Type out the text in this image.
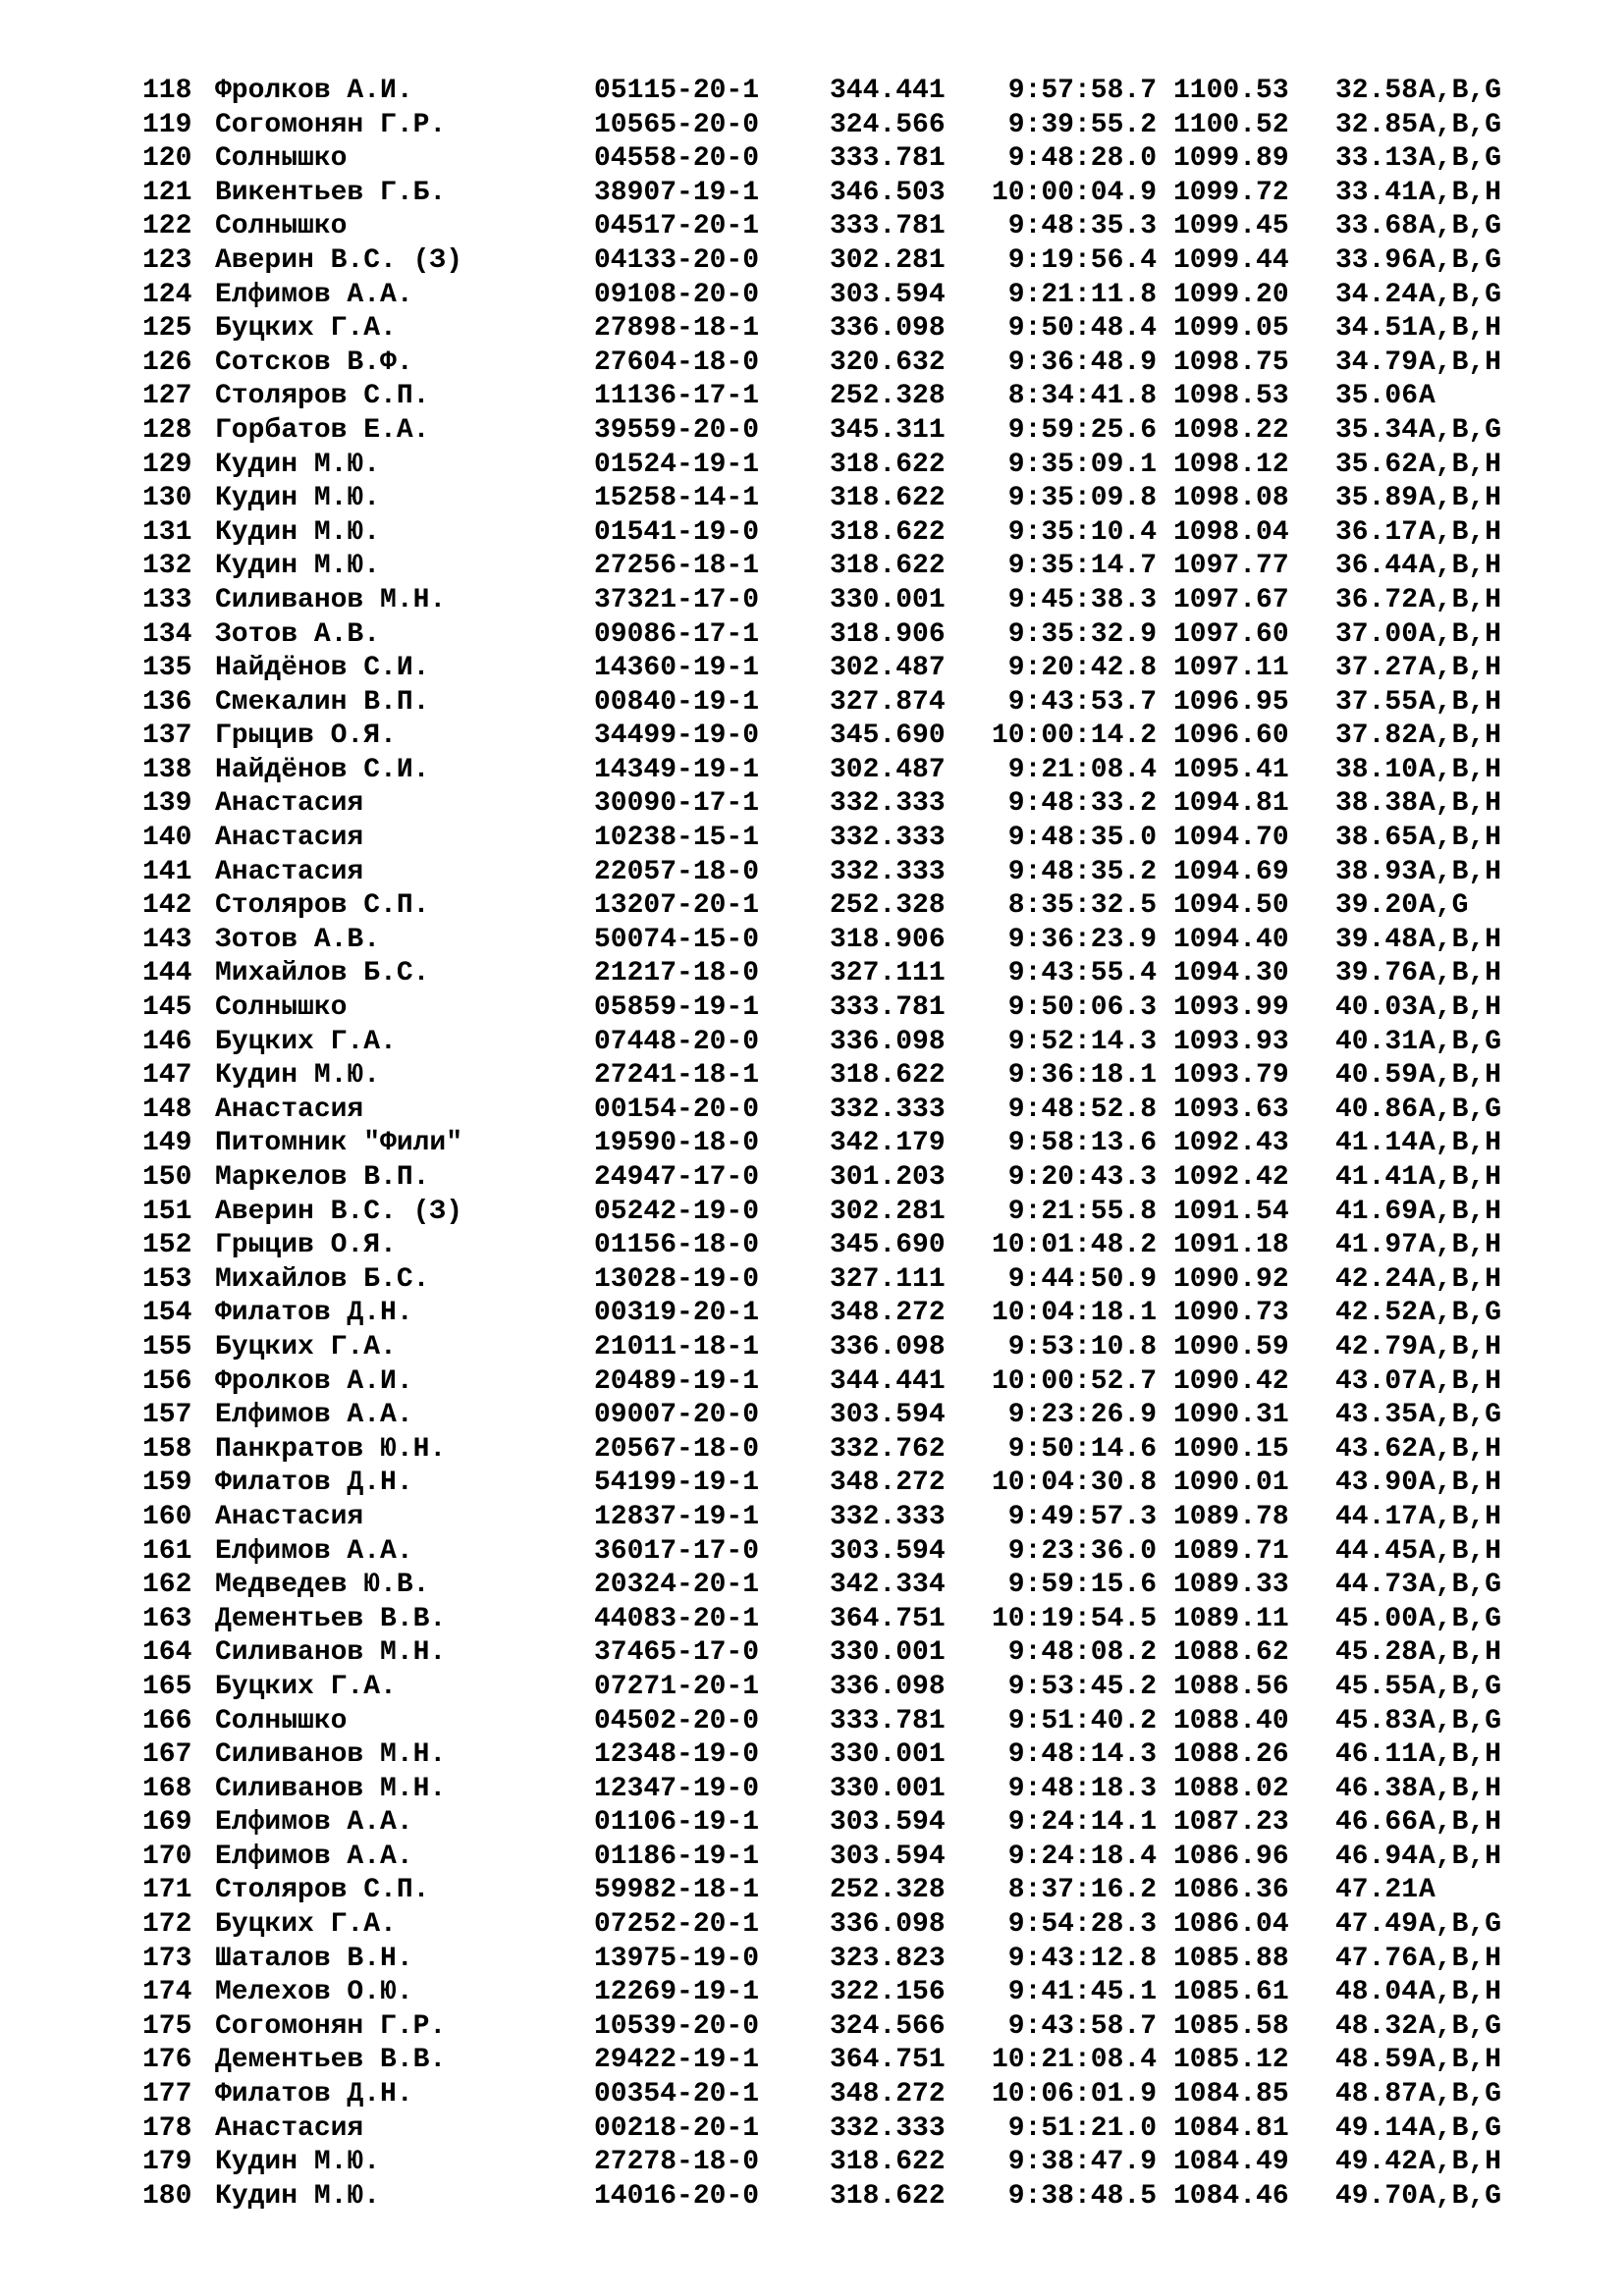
118 Фролков А.И.	05115-20-1	344.441	9:57:58.7 1100.53 32.58 A,B,G
119 Согомонян Г.Р.	10565-20-0	324.566	9:39:55.2 1100.52 32.85 A,B,G
120 Солнышко	04558-20-0	333.781	9:48:28.0 1099.89 33.13 A,B,G
121 Викентьев Г.Б.	38907-19-1	346.503	10:00:04.9 1099.72 33.41 A,B,H
122 Солнышко	04517-20-1	333.781	9:48:35.3 1099.45 33.68 A,B,G
123 Аверин В.С. (З)	04133-20-0	302.281	9:19:56.4 1099.44 33.96 A,B,G
124 Елфимов А.А.	09108-20-0	303.594	9:21:11.8 1099.20 34.24 A,B,G
125 Буцких Г.А.	27898-18-1	336.098	9:50:48.4 1099.05 34.51 A,B,H
126 Сотсков В.Ф.	27604-18-0	320.632	9:36:48.9 1098.75 34.79 A,B,H
127 Столяров С.П.	11136-17-1	252.328	8:34:41.8 1098.53 35.06 A
128 Горбатов Е.А.	39559-20-0	345.311	9:59:25.6 1098.22 35.34 A,B,G
129 Кудин М.Ю.	01524-19-1	318.622	9:35:09.1 1098.12 35.62 A,B,H
130 Кудин М.Ю.	15258-14-1	318.622	9:35:09.8 1098.08 35.89 A,B,H
131 Кудин М.Ю.	01541-19-0	318.622	9:35:10.4 1098.04 36.17 A,B,H
132 Кудин М.Ю.	27256-18-1	318.622	9:35:14.7 1097.77 36.44 A,B,H
133 Силиванов М.Н.	37321-17-0	330.001	9:45:38.3 1097.67 36.72 A,B,H
134 Зотов А.В.	09086-17-1	318.906	9:35:32.9 1097.60 37.00 A,B,H
135 Найдёнов С.И.	14360-19-1	302.487	9:20:42.8 1097.11 37.27 A,B,H
136 Смекалин В.П.	00840-19-1	327.874	9:43:53.7 1096.95 37.55 A,B,H
137 Грыцив О.Я.	34499-19-0	345.690	10:00:14.2 1096.60 37.82 A,B,H
138 Найдёнов С.И.	14349-19-1	302.487	9:21:08.4 1095.41 38.10 A,B,H
139 Анастасия	30090-17-1	332.333	9:48:33.2 1094.81 38.38 A,B,H
140 Анастасия	10238-15-1	332.333	9:48:35.0 1094.70 38.65 A,B,H
141 Анастасия	22057-18-0	332.333	9:48:35.2 1094.69 38.93 A,B,H
142 Столяров С.П.	13207-20-1	252.328	8:35:32.5 1094.50 39.20 A,G
143 Зотов А.В.	50074-15-0	318.906	9:36:23.9 1094.40 39.48 A,B,H
144 Михайлов Б.С.	21217-18-0	327.111	9:43:55.4 1094.30 39.76 A,B,H
145 Солнышко	05859-19-1	333.781	9:50:06.3 1093.99 40.03 A,B,H
146 Буцких Г.А.	07448-20-0	336.098	9:52:14.3 1093.93 40.31 A,B,G
147 Кудин М.Ю.	27241-18-1	318.622	9:36:18.1 1093.79 40.59 A,B,H
148 Анастасия	00154-20-0	332.333	9:48:52.8 1093.63 40.86 A,B,G
149 Питомник "Фили"	19590-18-0	342.179	9:58:13.6 1092.43 41.14 A,B,H
150 Маркелов В.П.	24947-17-0	301.203	9:20:43.3 1092.42 41.41 A,B,H
151 Аверин В.С. (З)	05242-19-0	302.281	9:21:55.8 1091.54 41.69 A,B,H
152 Грыцив О.Я.	01156-18-0	345.690	10:01:48.2 1091.18 41.97 A,B,H
153 Михайлов Б.С.	13028-19-0	327.111	9:44:50.9 1090.92 42.24 A,B,H
154 Филатов Д.Н.	00319-20-1	348.272	10:04:18.1 1090.73 42.52 A,B,G
155 Буцких Г.А.	21011-18-1	336.098	9:53:10.8 1090.59 42.79 A,B,H
156 Фролков А.И.	20489-19-1	344.441	10:00:52.7 1090.42 43.07 A,B,H
157 Елфимов А.А.	09007-20-0	303.594	9:23:26.9 1090.31 43.35 A,B,G
158 Панкратов Ю.Н.	20567-18-0	332.762	9:50:14.6 1090.15 43.62 A,B,H
159 Филатов Д.Н.	54199-19-1	348.272	10:04:30.8 1090.01 43.90 A,B,H
160 Анастасия	12837-19-1	332.333	9:49:57.3 1089.78 44.17 A,B,H
161 Елфимов А.А.	36017-17-0	303.594	9:23:36.0 1089.71 44.45 A,B,H
162 Медведев Ю.В.	20324-20-1	342.334	9:59:15.6 1089.33 44.73 A,B,G
163 Дементьев В.В.	44083-20-1	364.751	10:19:54.5 1089.11 45.00 A,B,G
164 Силиванов М.Н.	37465-17-0	330.001	9:48:08.2 1088.62 45.28 A,B,H
165 Буцких Г.А.	07271-20-1	336.098	9:53:45.2 1088.56 45.55 A,B,G
166 Солнышко	04502-20-0	333.781	9:51:40.2 1088.40 45.83 A,B,G
167 Силиванов М.Н.	12348-19-0	330.001	9:48:14.3 1088.26 46.11 A,B,H
168 Силиванов М.Н.	12347-19-0	330.001	9:48:18.3 1088.02 46.38 A,B,H
169 Елфимов А.А.	01106-19-1	303.594	9:24:14.1 1087.23 46.66 A,B,H
170 Елфимов А.А.	01186-19-1	303.594	9:24:18.4 1086.96 46.94 A,B,H
171 Столяров С.П.	59982-18-1	252.328	8:37:16.2 1086.36 47.21 A
172 Буцких Г.А.	07252-20-1	336.098	9:54:28.3 1086.04 47.49 A,B,G
173 Шаталов В.Н.	13975-19-0	323.823	9:43:12.8 1085.88 47.76 A,B,H
174 Мелехов О.Ю.	12269-19-1	322.156	9:41:45.1 1085.61 48.04 A,B,H
175 Согомонян Г.Р.	10539-20-0	324.566	9:43:58.7 1085.58 48.32 A,B,G
176 Дементьев В.В.	29422-19-1	364.751	10:21:08.4 1085.12 48.59 A,B,H
177 Филатов Д.Н.	00354-20-1	348.272	10:06:01.9 1084.85 48.87 A,B,G
178 Анастасия	00218-20-1	332.333	9:51:21.0 1084.81 49.14 A,B,G
179 Кудин М.Ю.	27278-18-0	318.622	9:38:47.9 1084.49 49.42 A,B,H
180 Кудин М.Ю.	14016-20-0	318.622	9:38:48.5 1084.46 49.70 A,B,G
